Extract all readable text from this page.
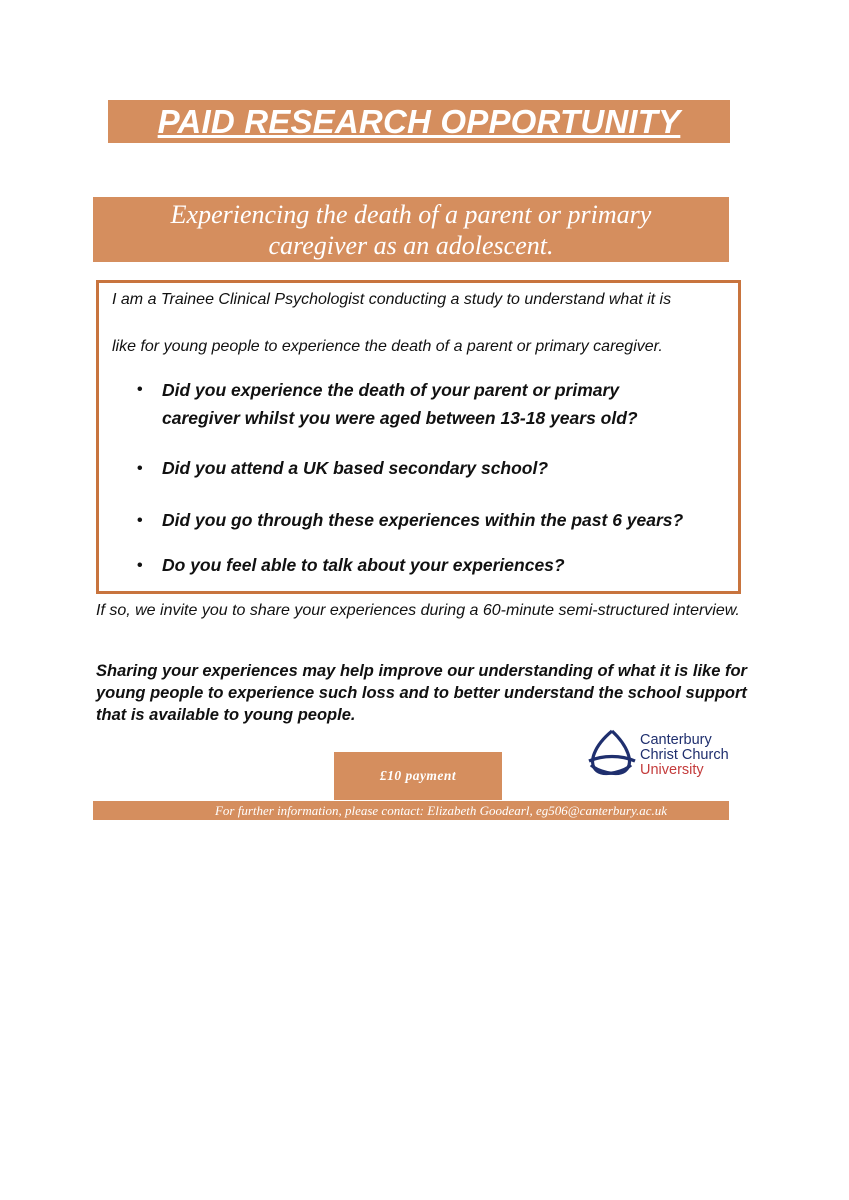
PAID RESEARCH OPPORTUNITY
Experiencing the death of a parent or primary
caregiver as an adolescent.
I am a Trainee Clinical Psychologist conducting a study to understand what it is
like for young people to experience the death of a parent or primary caregiver.
• Did you experience the death of your parent or primary
caregiver whilst you were aged between 13-18 years old?
• Did you attend a UK based secondary school?
• Did you go through these experiences within the past 6 years?
• Do you feel able to talk about your experiences?
If so, we invite you to share your experiences during a 60-minute semi-structured interview.
Sharing your experiences may help improve our understanding of what it is like for young people to experience such loss and to better understand the school support that is available to young people.
Canterbury
Christ Church
University
£10 payment
For further information, please contact: Elizabeth Goodearl, eg506@canterbury.ac.uk
